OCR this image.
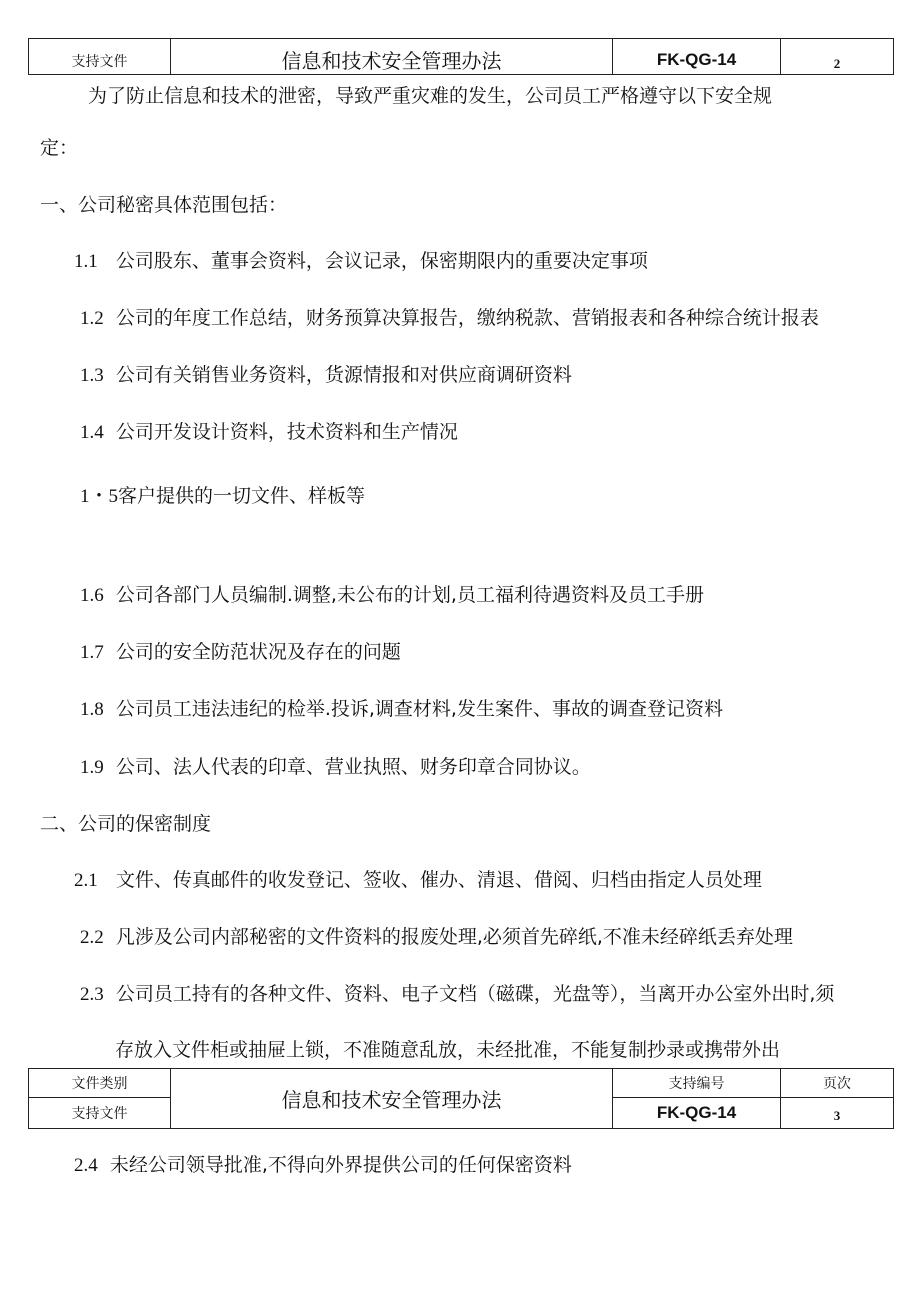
支持文件	信息和技术安全管理办法	FK-QG-14	2
为了防止信息和技术的泄密，导致严重灾难的发生，公司员工严格遵守以下安全规
定：
一、公司秘密具体范围包括：
1.1 公司股东、董事会资料，会议记录，保密期限内的重要决定事项
1.2 公司的年度工作总结，财务预算决算报告，缴纳税款、营销报表和各种综合统计报表
1.3 公司有关销售业务资料，货源情报和对供应商调研资料
1.4 公司开发设计资料，技术资料和生产情况
1・5客户提供的一切文件、样板等
1.6 公司各部门人员编制.调整,未公布的计划,员工福利待遇资料及员工手册
1.7 公司的安全防范状况及存在的问题
1.8 公司员工违法违纪的检举.投诉,调查材料,发生案件、事故的调查登记资料
1.9 公司、法人代表的印章、营业执照、财务印章合同协议。
二、公司的保密制度
2.1 文件、传真邮件的收发登记、签收、催办、清退、借阅、归档由指定人员处理
2.2 凡涉及公司内部秘密的文件资料的报废处理,必须首先碎纸,不准未经碎纸丢弃处理
2.3 公司员工持有的各种文件、资料、电子文档（磁碟，光盘等），当离开办公室外出时,须
存放入文件柜或抽屉上锁，不准随意乱放，未经批准，不能复制抄录或携带外出
文件类别	信息和技术安全管理办法	支持编号	页次
支持文件		FK-QG-14	3
2.4 未经公司领导批准,不得向外界提供公司的任何保密资料
